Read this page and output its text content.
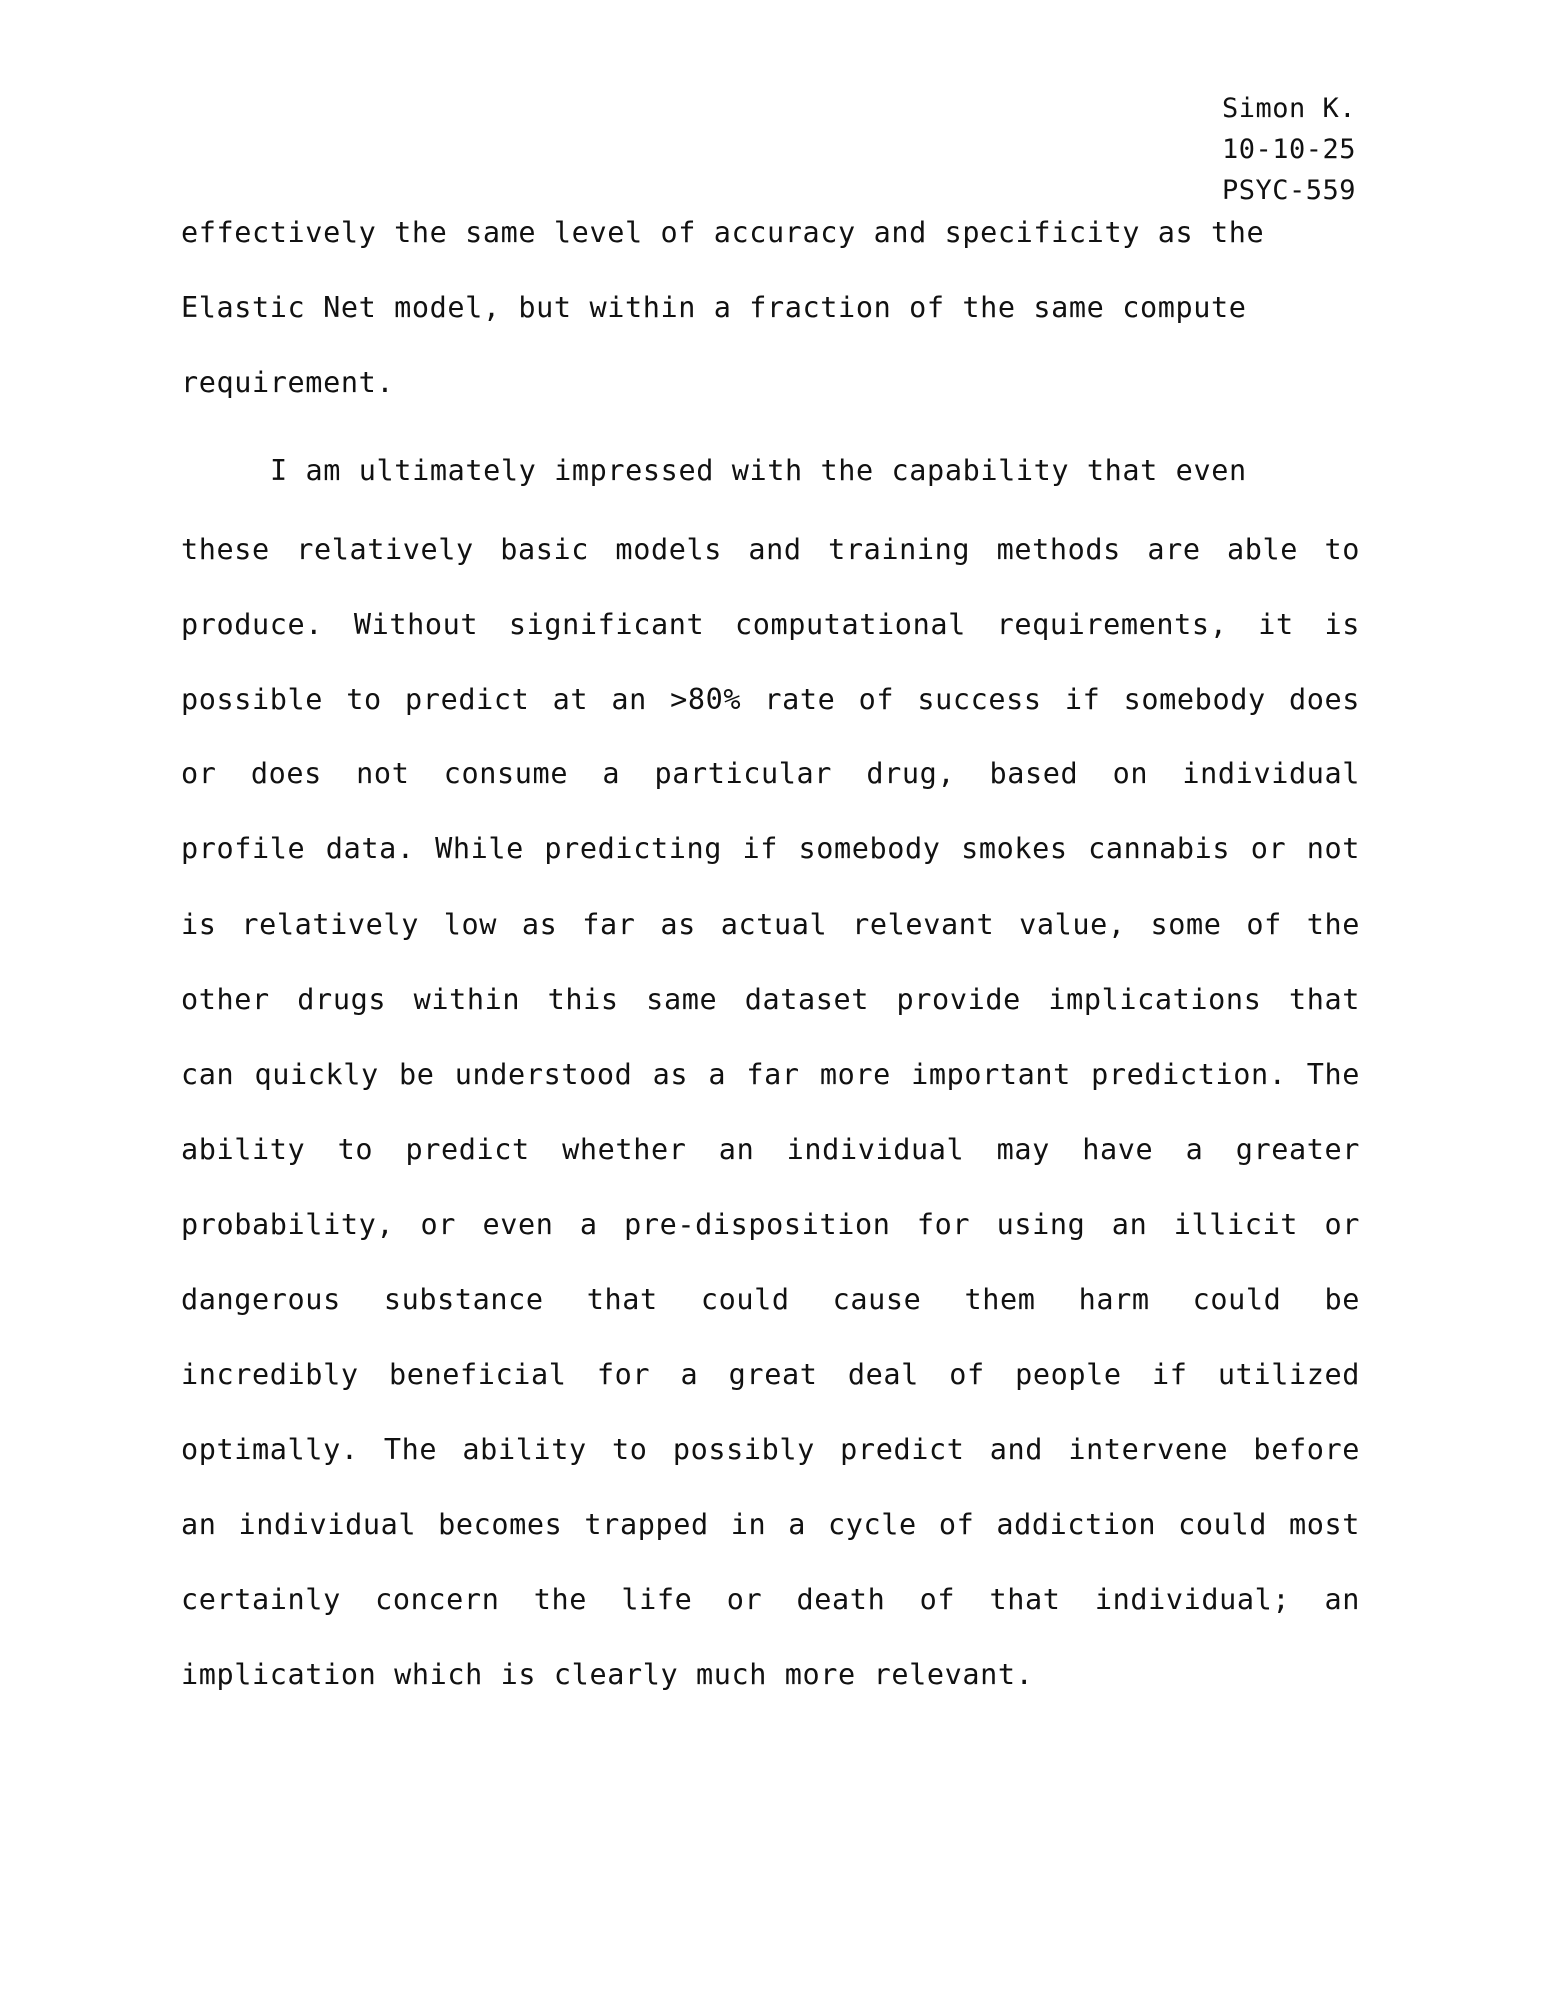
Simon K.
10-10-25
PSYC-559
effectively the same level of accuracy and specificity as the
Elastic Net model, but within a fraction of the same compute
requirement.
I am ultimately impressed with the capability that even
these relatively basic models and training methods are able to
produce. Without significant computational requirements, it is
possible to predict at an >80% rate of success if somebody does
or does not consume a particular drug, based on individual
profile data. While predicting if somebody smokes cannabis or not
is relatively low as far as actual relevant value, some of the
other drugs within this same dataset provide implications that
can quickly be understood as a far more important prediction. The
ability to predict whether an individual may have a greater
probability, or even a pre-disposition for using an illicit or
dangerous substance that could cause them harm could be
incredibly beneficial for a great deal of people if utilized
optimally. The ability to possibly predict and intervene before
an individual becomes trapped in a cycle of addiction could most
certainly concern the life or death of that individual; an
implication which is clearly much more relevant.
